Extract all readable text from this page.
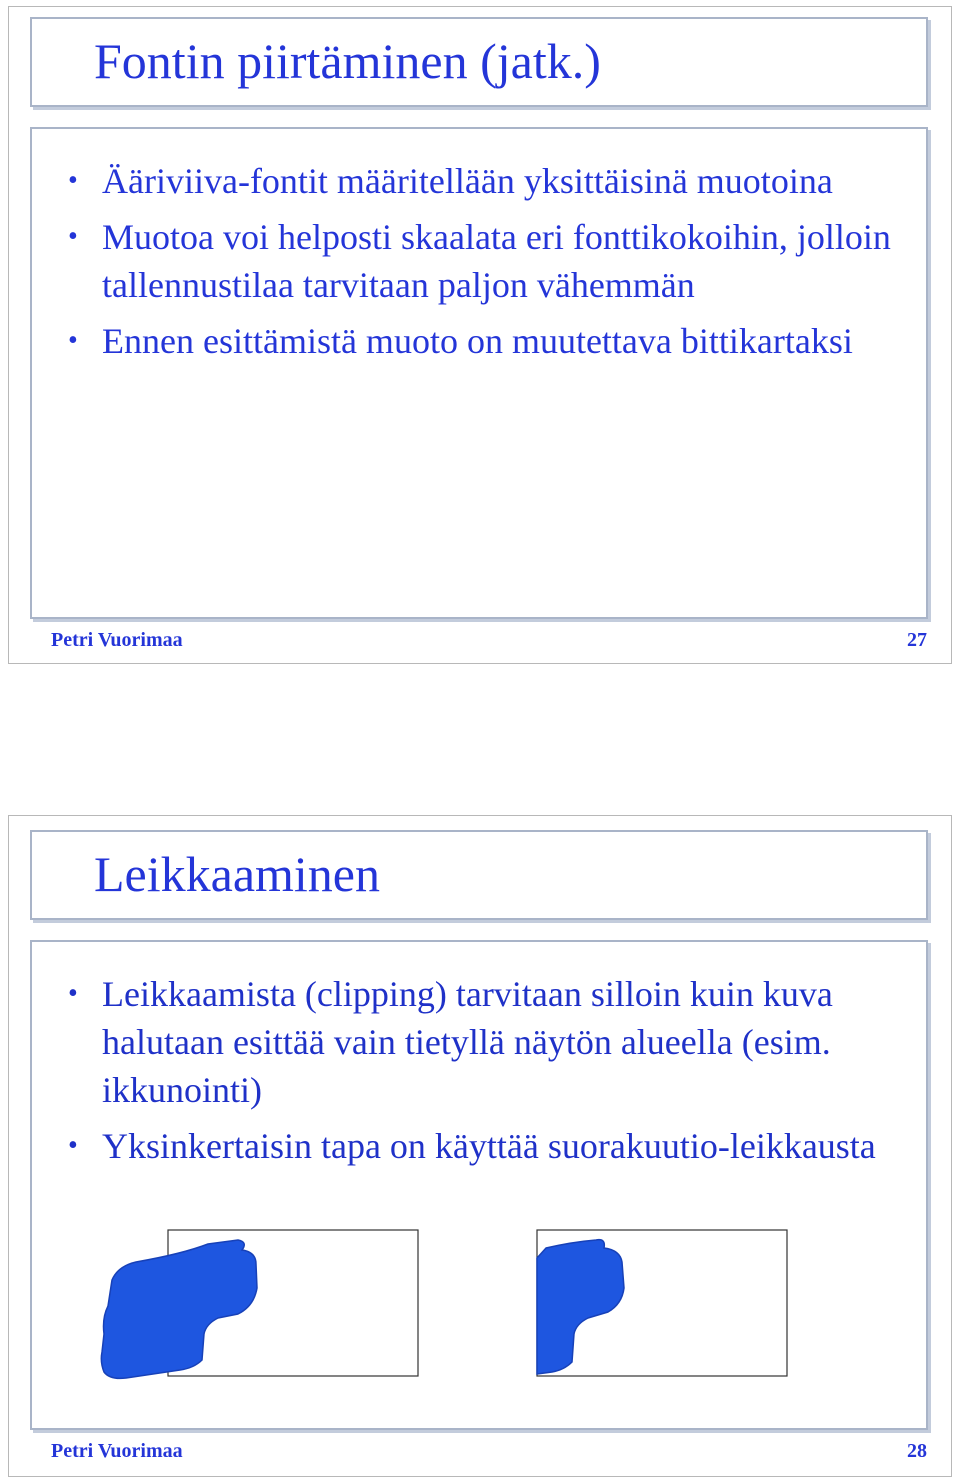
Fontin piirtäminen (jatk.)
• Ääriviiva-fontit määritellään yksittäisinä muotoina
• Muotoa voi helposti skaalata eri fonttikokoihin, jolloin tallennustilaa tarvitaan paljon vähemmän
• Ennen esittämistä muoto on muutettava bittikartaksi
Petri Vuorimaa	27
Leikkaaminen
• Leikkaamista (clipping) tarvitaan silloin kuin kuva halutaan esittää vain tietyllä näytön alueella (esim. ikkunointi)
• Yksinkertaisin tapa on käyttää suorakuutio-leikkausta
Petri Vuorimaa	28
